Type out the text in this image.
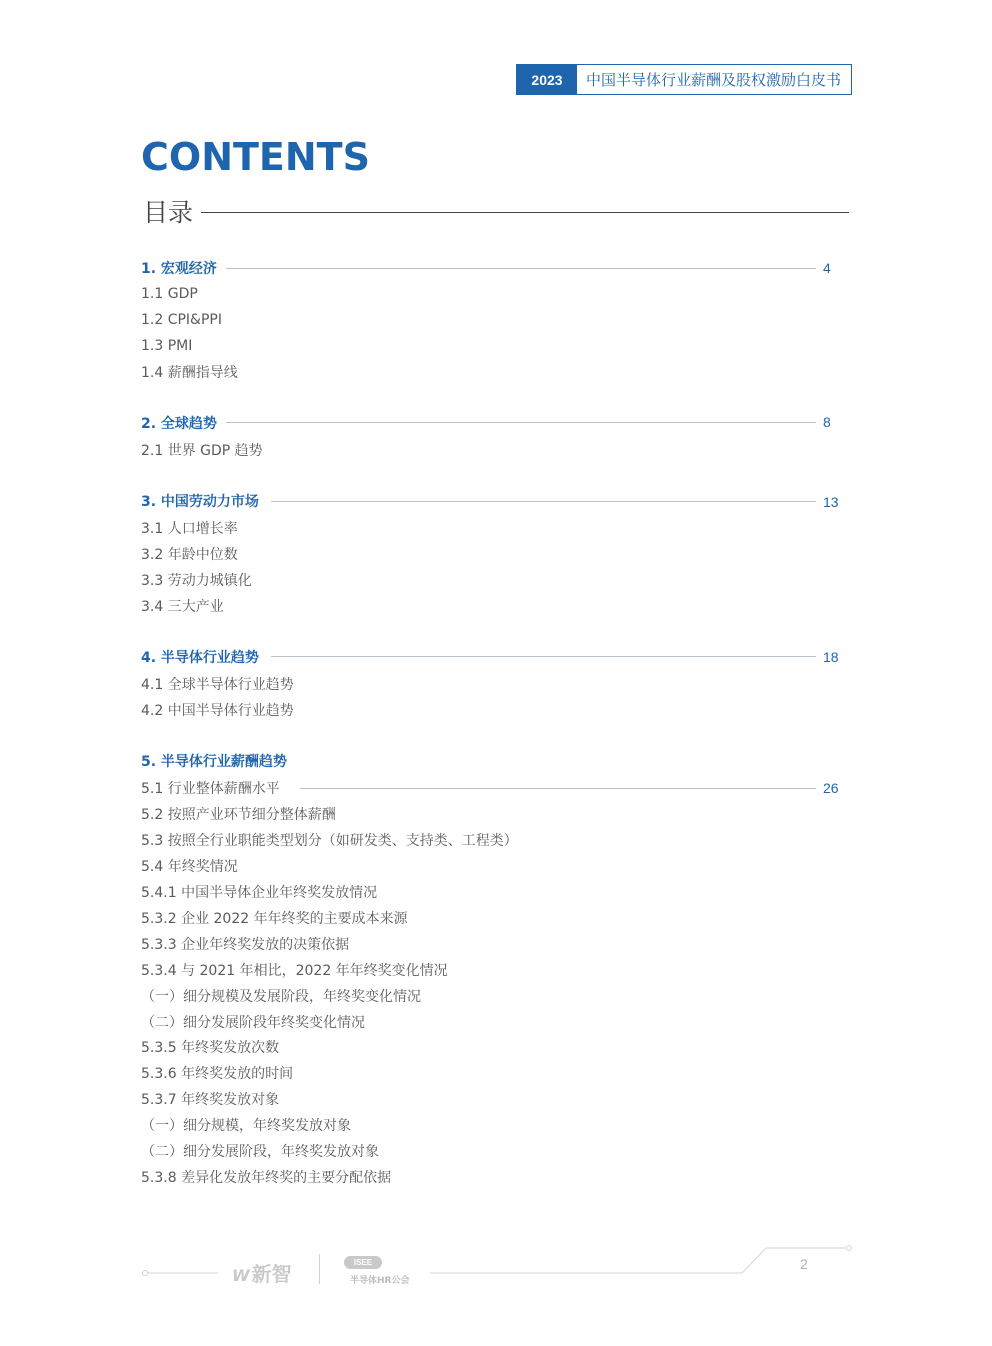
2023	中国半导体行业薪酬及股权激励白皮书
CONTENTS
目录
1. 宏观经济	4
1.1 GDP
1.2 CPI&PPI
1.3 PMI
1.4 薪酬指导线
2. 全球趋势	8
2.1 世界 GDP 趋势
3. 中国劳动力市场	13
3.1 人口增长率
3.2 年龄中位数
3.3 劳动力城镇化
3.4 三大产业
4. 半导体行业趋势	18
4.1 全球半导体行业趋势
4.2 中国半导体行业趋势
5. 半导体行业薪酬趋势
5.1 行业整体薪酬水平	26
5.2 按照产业环节细分整体薪酬
5.3 按照全行业职能类型划分（如研发类、支持类、工程类）
5.4 年终奖情况
5.4.1 中国半导体企业年终奖发放情况
5.3.2 企业 2022 年年终奖的主要成本来源
5.3.3 企业年终奖发放的决策依据
5.3.4 与 2021 年相比，2022 年年终奖变化情况
（一）细分规模及发展阶段，年终奖变化情况
（二）细分发展阶段年终奖变化情况
5.3.5 年终奖发放次数
5.3.6 年终奖发放的时间
5.3.7 年终奖发放对象
（一）细分规模，年终奖发放对象
（二）细分发展阶段，年终奖发放对象
5.3.8 差异化发放年终奖的主要分配依据
W 新智	ISEE
半导体HR公会
2
